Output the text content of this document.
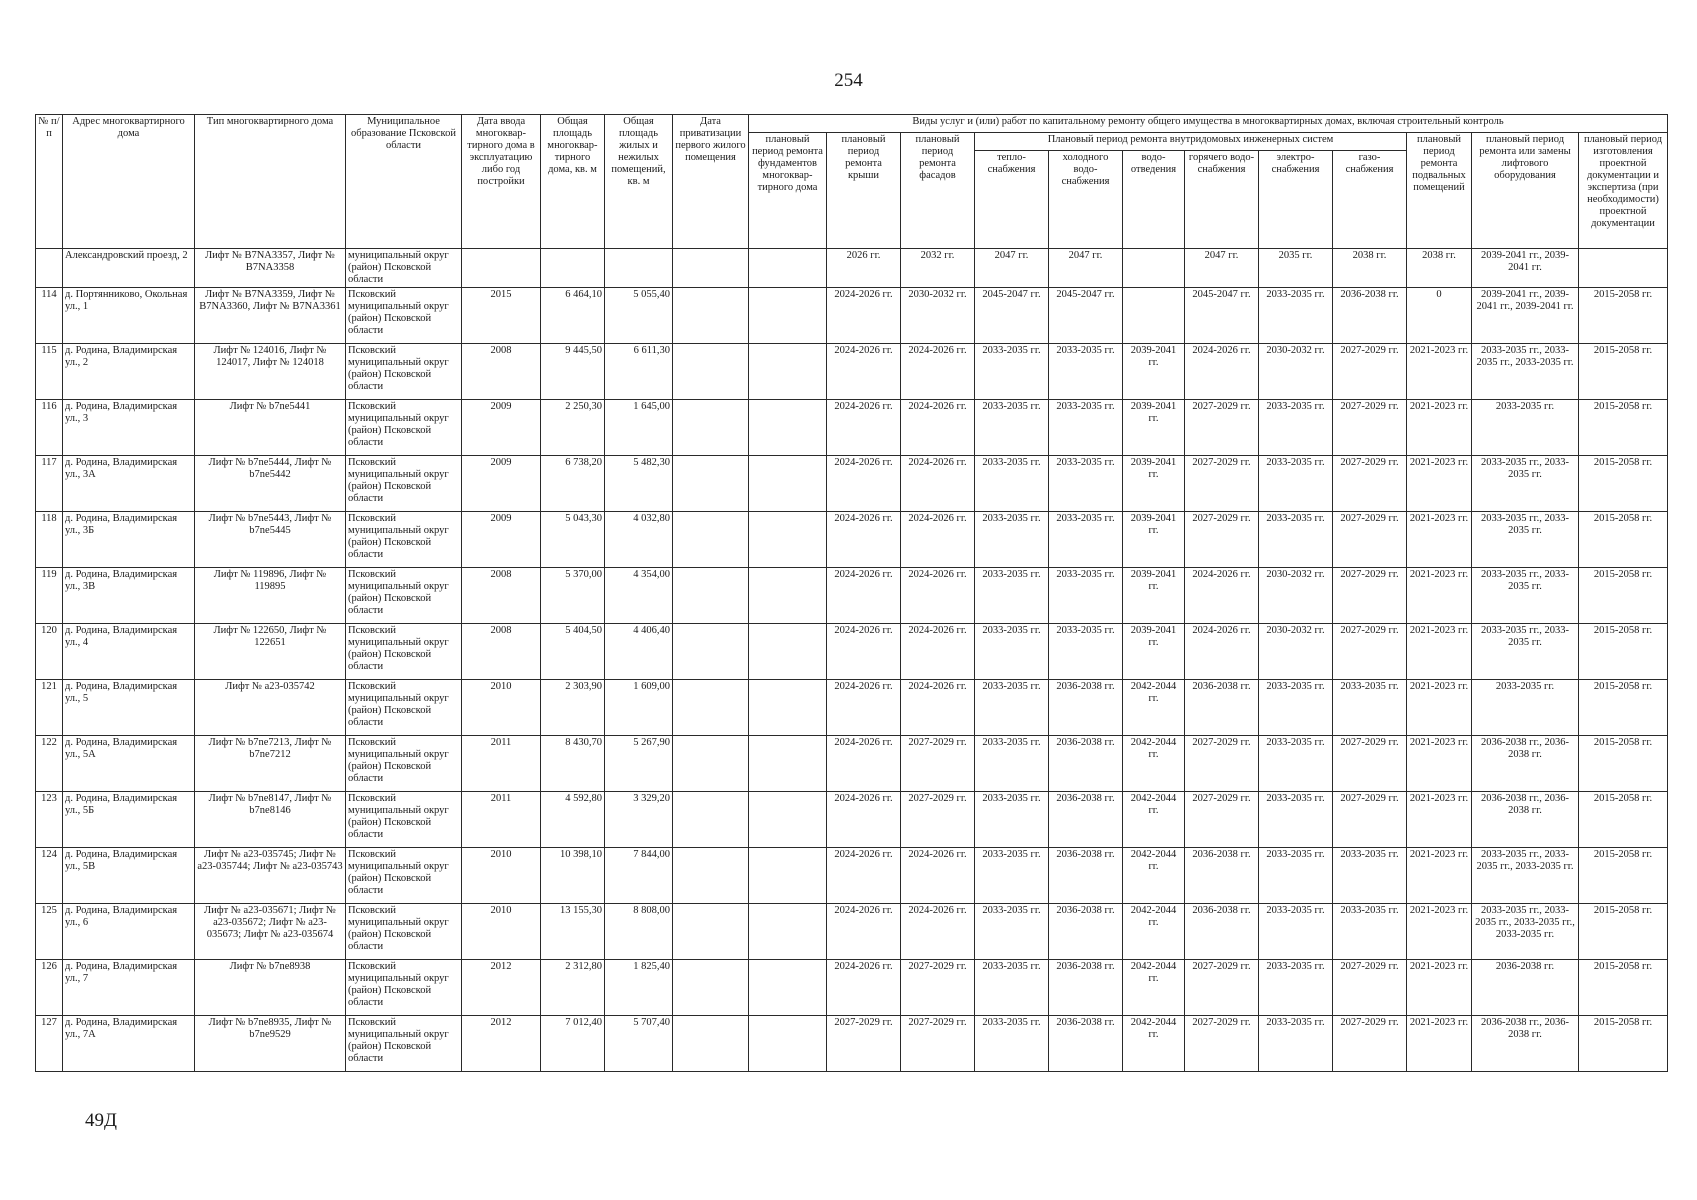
254
№ п/п	Адрес многоквартирного дома	Тип многоквартирного дома	Муниципальное образование Псковской области	Дата ввода многоквар-тирного дома в эксплуатацию либо год постройки	Общая площадь многоквар-тирного дома, кв. м	Общая площадь жилых и нежилых помещений, кв. м	Дата приватизации первого жилого помещения	Виды услуг и (или) работ по капитальному ремонту общего имущества в многоквартирных домах, включая строительный контроль											
								плановый период ремонта фундаментов многоквар-тирного дома	плановый период ремонта крыши	плановый период ремонта фасадов	Плановый период ремонта внутридомовых инженерных систем						плановый период ремонта подвальных помещений	плановый период ремонта или замены лифтового оборудования	плановый период изготовления проектной документации и экспертиза (при необходимости) проектной документации
											тепло-снабжения	холодного водо-снабжения	водо-отведения	горячего водо-снабжения	электро-снабжения	газо-снабжения			
	Александровский проезд, 2	Лифт № B7NA3357, Лифт № B7NA3358	муниципальный округ (район) Псковской области						2026 гг.	2032 гг.	2047 гг.	2047 гг.		2047 гг.	2035 гг.	2038 гг.	2038 гг.	2039-2041 гг., 2039-2041 гг.	
114	д. Портянниково, Окольная ул., 1	Лифт № B7NA3359, Лифт № B7NA3360, Лифт № B7NA3361	Псковский муниципальный округ (район) Псковской области	2015	6 464,10	5 055,40			2024-2026 гг.	2030-2032 гг.	2045-2047 гг.	2045-2047 гг.		2045-2047 гг.	2033-2035 гг.	2036-2038 гг.	0	2039-2041 гг., 2039-2041 гг., 2039-2041 гг.	2015-2058 гг.
115	д. Родина, Владимирская ул., 2	Лифт № 124016, Лифт № 124017, Лифт № 124018	Псковский муниципальный округ (район) Псковской области	2008	9 445,50	6 611,30			2024-2026 гг.	2024-2026 гг.	2033-2035 гг.	2033-2035 гг.	2039-2041 гг.	2024-2026 гг.	2030-2032 гг.	2027-2029 гг.	2021-2023 гг.	2033-2035 гг., 2033-2035 гг., 2033-2035 гг.	2015-2058 гг.
116	д. Родина, Владимирская ул., 3	Лифт № b7ne5441	Псковский муниципальный округ (район) Псковской области	2009	2 250,30	1 645,00			2024-2026 гг.	2024-2026 гг.	2033-2035 гг.	2033-2035 гг.	2039-2041 гг.	2027-2029 гг.	2033-2035 гг.	2027-2029 гг.	2021-2023 гг.	2033-2035 гг.	2015-2058 гг.
117	д. Родина, Владимирская ул., 3А	Лифт № b7ne5444, Лифт № b7ne5442	Псковский муниципальный округ (район) Псковской области	2009	6 738,20	5 482,30			2024-2026 гг.	2024-2026 гг.	2033-2035 гг.	2033-2035 гг.	2039-2041 гг.	2027-2029 гг.	2033-2035 гг.	2027-2029 гг.	2021-2023 гг.	2033-2035 гг., 2033-2035 гг.	2015-2058 гг.
118	д. Родина, Владимирская ул., 3Б	Лифт № b7ne5443, Лифт № b7ne5445	Псковский муниципальный округ (район) Псковской области	2009	5 043,30	4 032,80			2024-2026 гг.	2024-2026 гг.	2033-2035 гг.	2033-2035 гг.	2039-2041 гг.	2027-2029 гг.	2033-2035 гг.	2027-2029 гг.	2021-2023 гг.	2033-2035 гг., 2033-2035 гг.	2015-2058 гг.
119	д. Родина, Владимирская ул., 3В	Лифт № 119896, Лифт № 119895	Псковский муниципальный округ (район) Псковской области	2008	5 370,00	4 354,00			2024-2026 гг.	2024-2026 гг.	2033-2035 гг.	2033-2035 гг.	2039-2041 гг.	2024-2026 гг.	2030-2032 гг.	2027-2029 гг.	2021-2023 гг.	2033-2035 гг., 2033-2035 гг.	2015-2058 гг.
120	д. Родина, Владимирская ул., 4	Лифт № 122650, Лифт № 122651	Псковский муниципальный округ (район) Псковской области	2008	5 404,50	4 406,40			2024-2026 гг.	2024-2026 гг.	2033-2035 гг.	2033-2035 гг.	2039-2041 гг.	2024-2026 гг.	2030-2032 гг.	2027-2029 гг.	2021-2023 гг.	2033-2035 гг., 2033-2035 гг.	2015-2058 гг.
121	д. Родина, Владимирская ул., 5	Лифт № a23-035742	Псковский муниципальный округ (район) Псковской области	2010	2 303,90	1 609,00			2024-2026 гг.	2024-2026 гг.	2033-2035 гг.	2036-2038 гг.	2042-2044 гг.	2036-2038 гг.	2033-2035 гг.	2033-2035 гг.	2021-2023 гг.	2033-2035 гг.	2015-2058 гг.
122	д. Родина, Владимирская ул., 5А	Лифт № b7ne7213, Лифт № b7ne7212	Псковский муниципальный округ (район) Псковской области	2011	8 430,70	5 267,90			2024-2026 гг.	2027-2029 гг.	2033-2035 гг.	2036-2038 гг.	2042-2044 гг.	2027-2029 гг.	2033-2035 гг.	2027-2029 гг.	2021-2023 гг.	2036-2038 гг., 2036-2038 гг.	2015-2058 гг.
123	д. Родина, Владимирская ул., 5Б	Лифт № b7ne8147, Лифт № b7ne8146	Псковский муниципальный округ (район) Псковской области	2011	4 592,80	3 329,20			2024-2026 гг.	2027-2029 гг.	2033-2035 гг.	2036-2038 гг.	2042-2044 гг.	2027-2029 гг.	2033-2035 гг.	2027-2029 гг.	2021-2023 гг.	2036-2038 гг., 2036-2038 гг.	2015-2058 гг.
124	д. Родина, Владимирская ул., 5В	Лифт № a23-035745; Лифт № a23-035744; Лифт № a23-035743	Псковский муниципальный округ (район) Псковской области	2010	10 398,10	7 844,00			2024-2026 гг.	2024-2026 гг.	2033-2035 гг.	2036-2038 гг.	2042-2044 гг.	2036-2038 гг.	2033-2035 гг.	2033-2035 гг.	2021-2023 гг.	2033-2035 гг., 2033-2035 гг., 2033-2035 гг.	2015-2058 гг.
125	д. Родина, Владимирская ул., 6	Лифт № a23-035671; Лифт № a23-035672; Лифт № a23-035673; Лифт № a23-035674	Псковский муниципальный округ (район) Псковской области	2010	13 155,30	8 808,00			2024-2026 гг.	2024-2026 гг.	2033-2035 гг.	2036-2038 гг.	2042-2044 гг.	2036-2038 гг.	2033-2035 гг.	2033-2035 гг.	2021-2023 гг.	2033-2035 гг., 2033-2035 гг., 2033-2035 гг., 2033-2035 гг.	2015-2058 гг.
126	д. Родина, Владимирская ул., 7	Лифт № b7ne8938	Псковский муниципальный округ (район) Псковской области	2012	2 312,80	1 825,40			2024-2026 гг.	2027-2029 гг.	2033-2035 гг.	2036-2038 гг.	2042-2044 гг.	2027-2029 гг.	2033-2035 гг.	2027-2029 гг.	2021-2023 гг.	2036-2038 гг.	2015-2058 гг.
127	д. Родина, Владимирская ул., 7А	Лифт № b7ne8935, Лифт № b7ne9529	Псковский муниципальный округ (район) Псковской области	2012	7 012,40	5 707,40			2027-2029 гг.	2027-2029 гг.	2033-2035 гг.	2036-2038 гг.	2042-2044 гг.	2027-2029 гг.	2033-2035 гг.	2027-2029 гг.	2021-2023 гг.	2036-2038 гг., 2036-2038 гг.	2015-2058 гг.
49Д
